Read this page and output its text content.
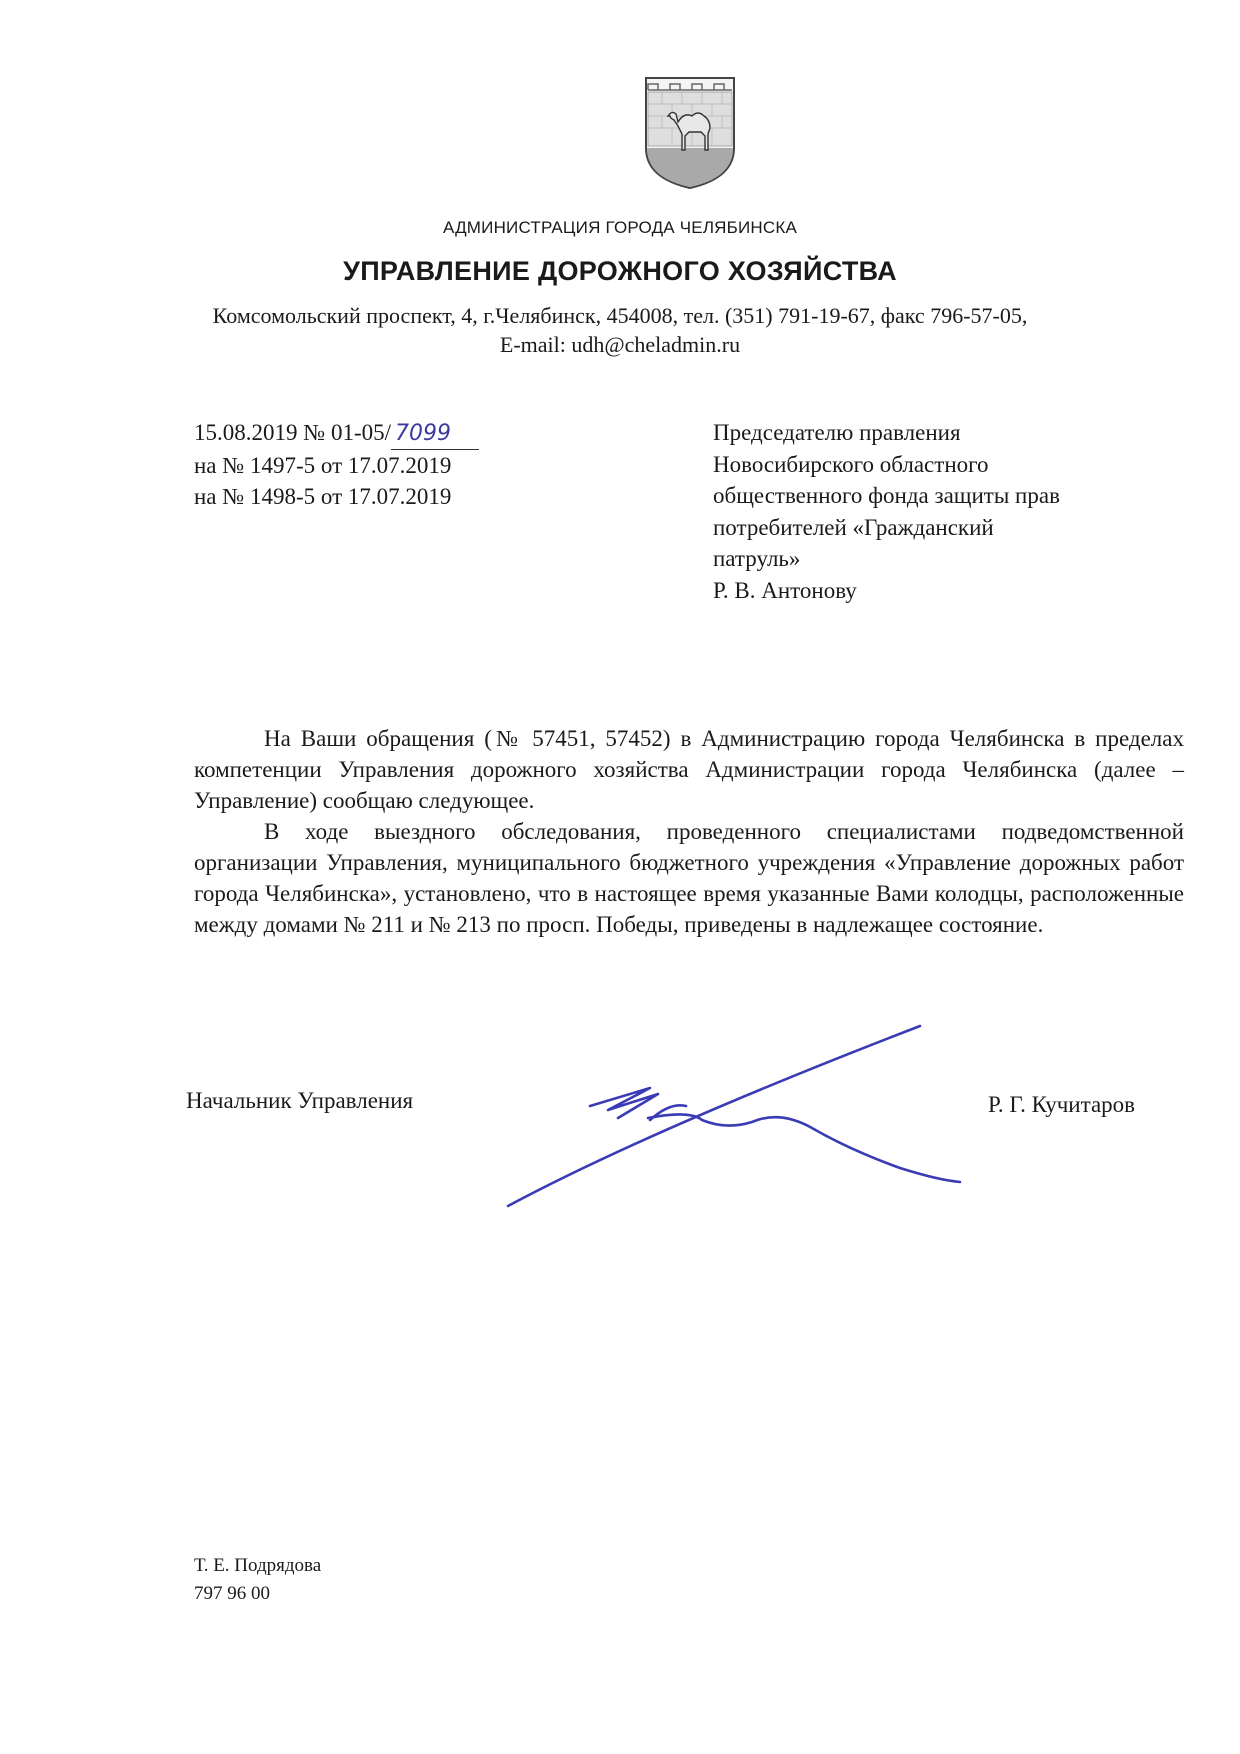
АДМИНИСТРАЦИЯ ГОРОДА ЧЕЛЯБИНСКА
УПРАВЛЕНИЕ ДОРОЖНОГО ХОЗЯЙСТВА
Комсомольский проспект, 4, г.Челябинск, 454008, тел. (351) 791-19-67, факс 796-57-05,
E-mail: udh@cheladmin.ru
15.08.2019 № 01-05/ 7099
на № 1497-5 от 17.07.2019
на № 1498-5 от 17.07.2019
Председателю правления
Новосибирского областного
общественного фонда защиты прав
потребителей «Гражданский
патруль»
Р. В. Антонову

На Ваши обращения (№ 57451, 57452) в Администрацию города Челябинска в пределах компетенции Управления дорожного хозяйства Администрации города Челябинска (далее – Управление) сообщаю следующее.

В ходе выездного обследования, проведенного специалистами подведомственной организации Управления, муниципального бюджетного учреждения «Управление дорожных работ города Челябинска», установлено, что в настоящее время указанные Вами колодцы, расположенные между домами № 211 и № 213 по просп. Победы, приведены в надлежащее состояние.

Начальник Управления	Р. Г. Кучитаров
Т. Е. Подрядова
797 96 00
